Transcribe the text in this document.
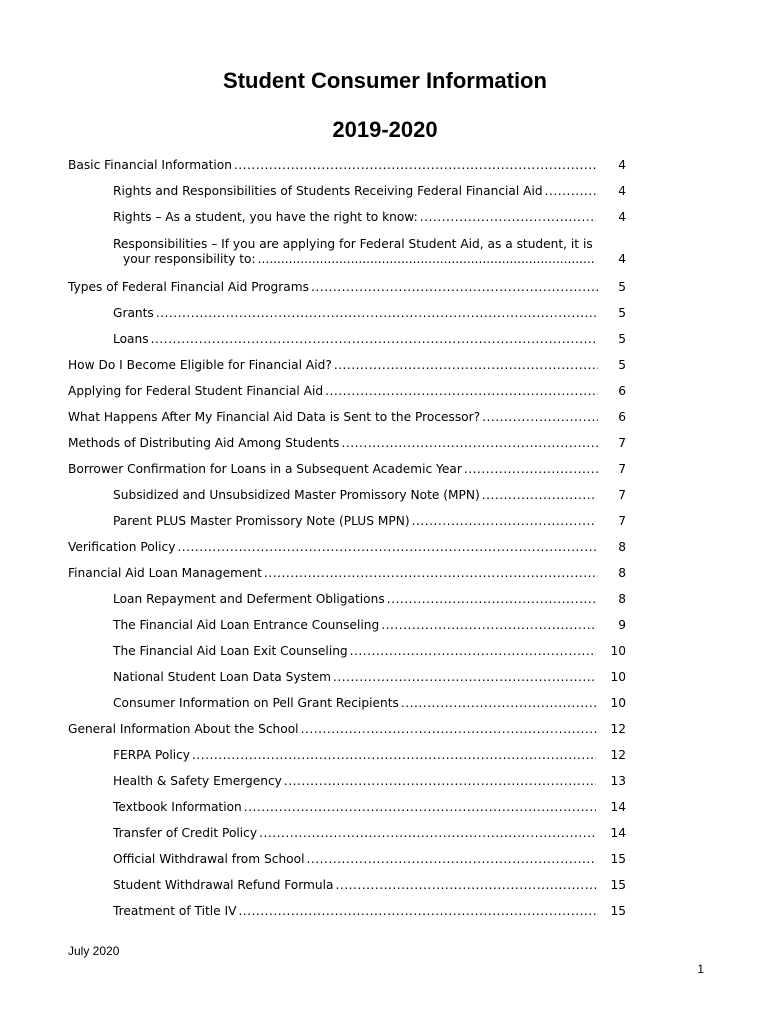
Student Consumer Information
2019-2020
Basic Financial Information .....	4
Rights and Responsibilities of Students Receiving Federal Financial Aid .....	4
Rights – As a student, you have the right to know: .....	4
Responsibilities – If you are applying for Federal Student Aid, as a student, it is
your responsibility to: .....	4
Types of Federal Financial Aid Programs .....	5
Grants .....	5
Loans .....	5
How Do I Become Eligible for Financial Aid? .....	5
Applying for Federal Student Financial Aid .....	6
What Happens After My Financial Aid Data is Sent to the Processor? .....	6
Methods of Distributing Aid Among Students .....	7
Borrower Confirmation for Loans in a Subsequent Academic Year .....	7
Subsidized and Unsubsidized Master Promissory Note (MPN) .....	7
Parent PLUS Master Promissory Note (PLUS MPN) .....	7
Verification Policy .....	8
Financial Aid Loan Management .....	8
Loan Repayment and Deferment Obligations .....	8
The Financial Aid Loan Entrance Counseling .....	9
The Financial Aid Loan Exit Counseling .....	10
National Student Loan Data System .....	10
Consumer Information on Pell Grant Recipients .....	10
General Information About the School .....	12
FERPA Policy .....	12
Health & Safety Emergency .....	13
Textbook Information .....	14
Transfer of Credit Policy .....	14
Official Withdrawal from School .....	15
Student Withdrawal Refund Formula .....	15
Treatment of Title IV .....	15
July 2020
1
